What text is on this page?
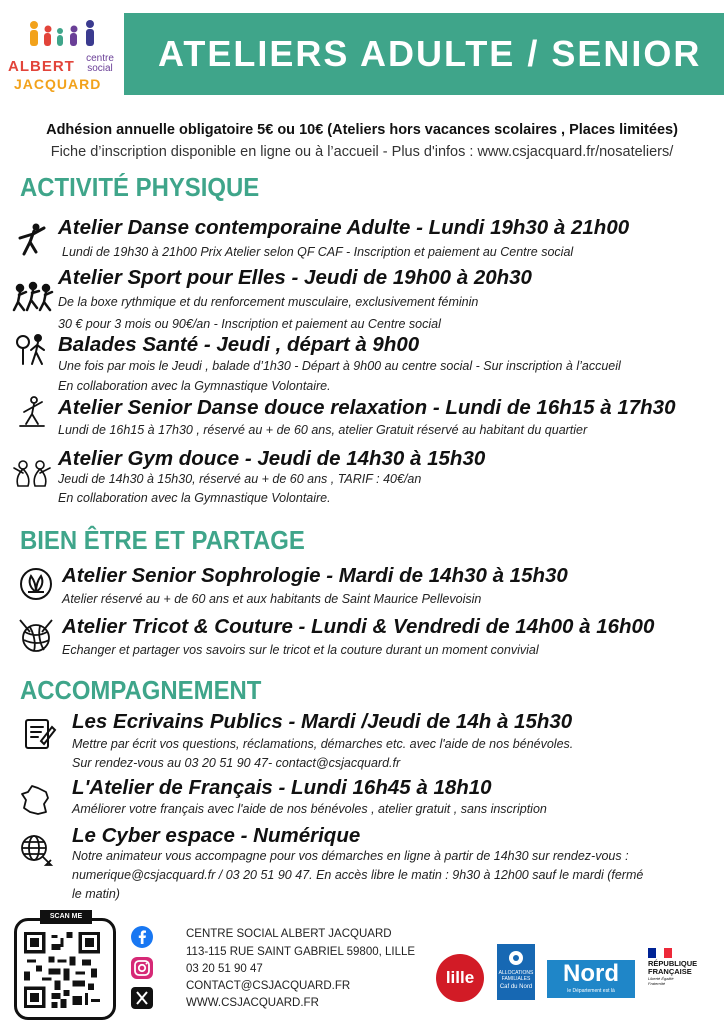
ALBERT centre social
JACQUARD
ATELIERS ADULTE / SENIOR
Adhésion annuelle obligatoire 5€ ou 10€ (Ateliers hors vacances scolaires , Places limitées)
Fiche d’inscription disponible en ligne ou à l’accueil - Plus d'infos : www.csjacquard.fr/nosateliers/
ACTIVITÉ PHYSIQUE
Atelier Danse contemporaine Adulte - Lundi 19h30 à 21h00
Lundi de 19h30 à 21h00 Prix Atelier selon QF CAF - Inscription et paiement au Centre social
Atelier Sport pour Elles - Jeudi de 19h00 à 20h30
De la boxe rythmique et du renforcement musculaire, exclusivement féminin
30 € pour 3 mois ou 90€/an - Inscription et paiement au Centre social
Balades Santé - Jeudi , départ à 9h00
Une fois par mois le Jeudi , balade d’1h30 - Départ à 9h00 au centre social - Sur inscription à l’accueil
En collaboration avec la Gymnastique Volontaire.
Atelier Senior Danse douce relaxation - Lundi de 16h15 à 17h30
Lundi de 16h15 à 17h30 , réservé au + de 60 ans, atelier Gratuit réservé au habitant du quartier
Atelier Gym douce - Jeudi de 14h30 à 15h30
Jeudi de 14h30 à 15h30, réservé au + de 60 ans , TARIF : 40€/an
En collaboration avec la Gymnastique Volontaire.
BIEN ÊTRE ET PARTAGE
Atelier Senior Sophrologie - Mardi de 14h30 à 15h30
Atelier réservé au + de 60 ans et aux habitants de Saint Maurice Pellevoisin
Atelier Tricot & Couture - Lundi & Vendredi de 14h00 à 16h00
Echanger et partager vos savoirs sur le tricot et la couture durant un moment convivial
ACCOMPAGNEMENT
Les Ecrivains Publics - Mardi /Jeudi de 14h à 15h30
Mettre par écrit vos questions, réclamations, démarches etc. avec l'aide de nos bénévoles.
Sur rendez-vous au 03 20 51 90 47- contact@csjacquard.fr
L'Atelier de Français - Lundi 16h45 à 18h10
Améliorer votre français avec l'aide de nos bénévoles , atelier gratuit , sans inscription
Le Cyber espace - Numérique
Notre animateur vous accompagne pour vos démarches en ligne à partir de 14h30 sur rendez-vous :
numerique@csjacquard.fr / 03 20 51 90 47. En accès libre le matin : 9h30 à 12h00 sauf le mardi (fermé
le matin)
SCAN ME
CENTRE SOCIAL ALBERT JACQUARD
113-115 RUE SAINT GABRIEL 59800, LILLE
03 20 51 90 47
CONTACT@CSJACQUARD.FR
WWW.CSJACQUARD.FR
lille	ALLOCATIONS FAMILIALES
Caf du Nord	Nord
le Département est là
RÉPUBLIQUE FRANÇAISE
Liberté Égalité Fraternité
